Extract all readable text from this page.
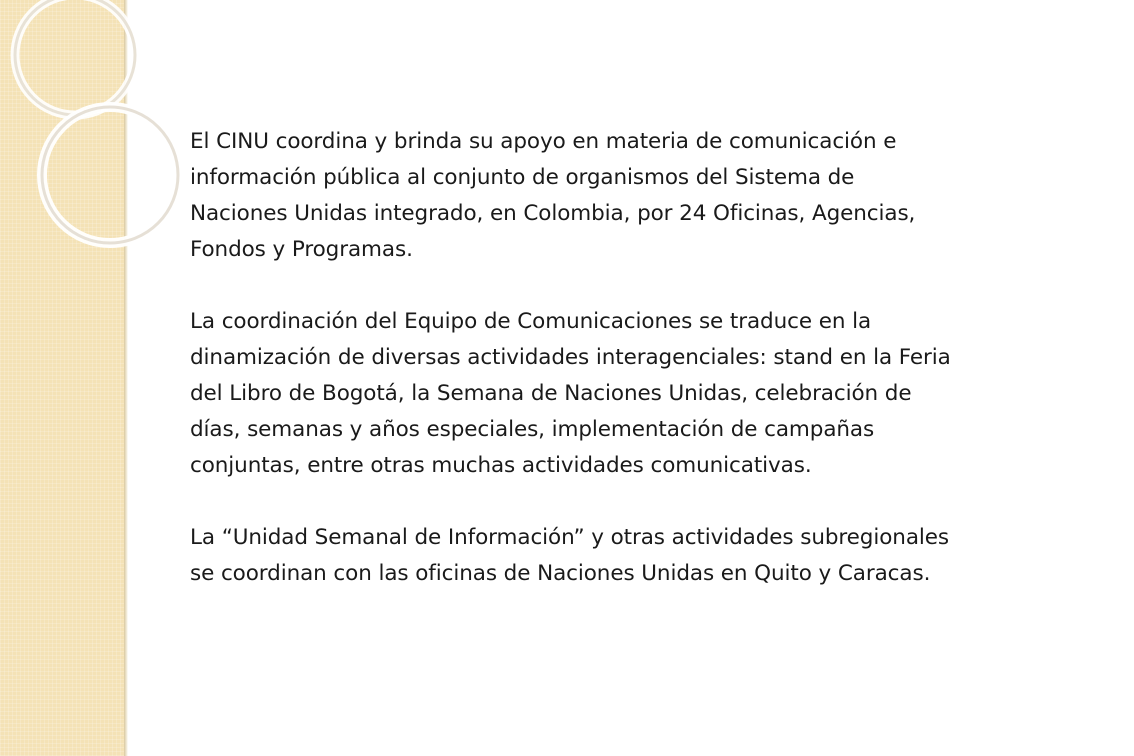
El CINU coordina y brinda su apoyo en materia de comunicación e
información pública al conjunto de organismos del Sistema de
Naciones Unidas integrado, en Colombia, por 24 Oficinas, Agencias,
Fondos y Programas.

La coordinación del Equipo de Comunicaciones se traduce en la
dinamización de diversas actividades interagenciales: stand en la Feria
del Libro de Bogotá, la Semana de Naciones Unidas, celebración de
días, semanas y años especiales, implementación de campañas
conjuntas, entre otras muchas actividades comunicativas.

La “Unidad Semanal de Información” y otras actividades subregionales
se coordinan con las oficinas de Naciones Unidas en Quito y Caracas.
